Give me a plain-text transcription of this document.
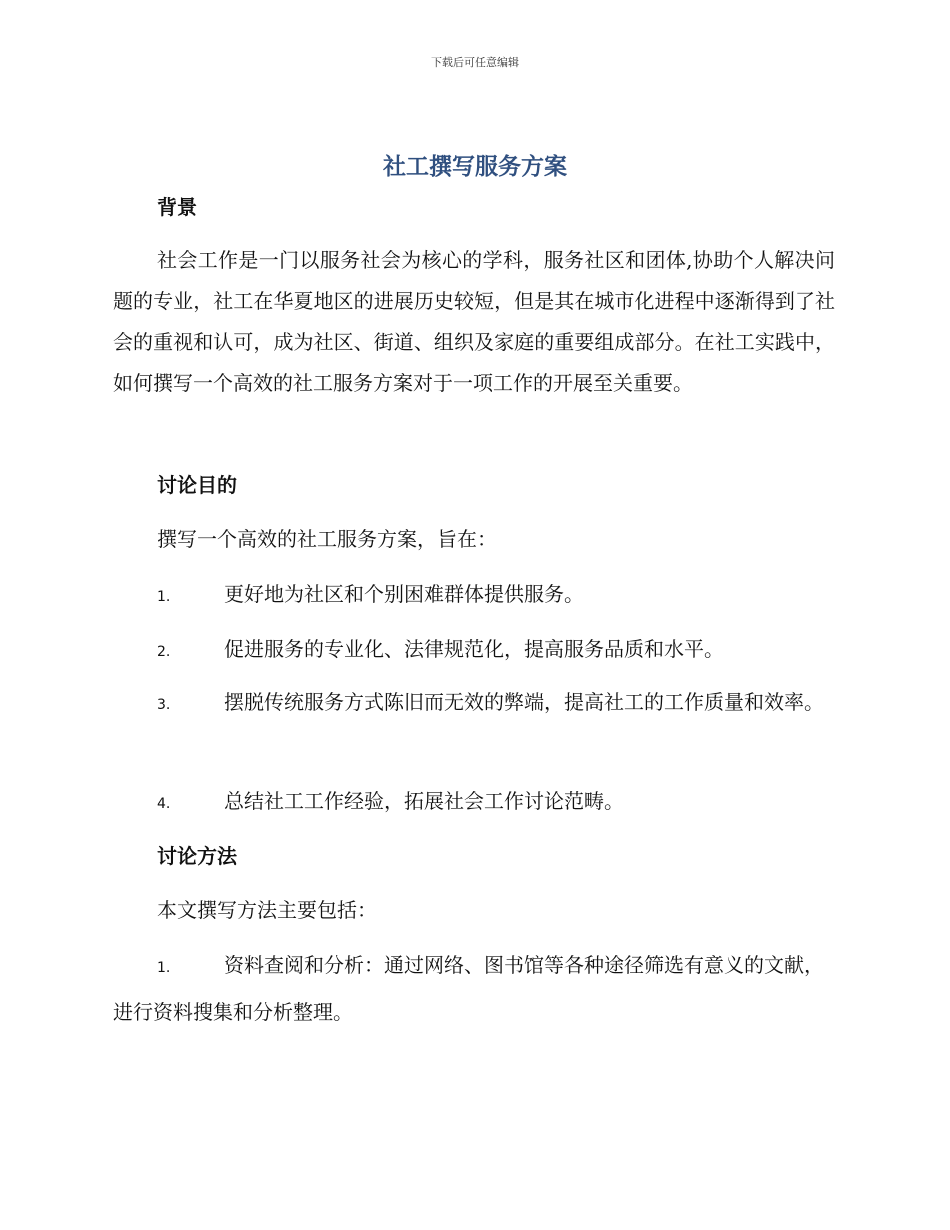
下载后可任意编辑
社工撰写服务方案
背景

社会工作是一门以服务社会为核心的学科，服务社区和团体,协助个人解决问题的专业，社工在华夏地区的进展历史较短，但是其在城市化进程中逐渐得到了社会的重视和认可，成为社区、街道、组织及家庭的重要组成部分。在社工实践中，如何撰写一个高效的社工服务方案对于一项工作的开展至关重要。

讨论目的

撰写一个高效的社工服务方案，旨在：

1.	更好地为社区和个别困难群体提供服务。

2.	促进服务的专业化、法律规范化，提高服务品质和水平。

3.	摆脱传统服务方式陈旧而无效的弊端，提高社工的工作质量和效率。

4.	总结社工工作经验，拓展社会工作讨论范畴。

讨论方法

本文撰写方法主要包括：

1.	资料查阅和分析：通过网络、图书馆等各种途径筛选有意义的文献，进行资料搜集和分析整理。
